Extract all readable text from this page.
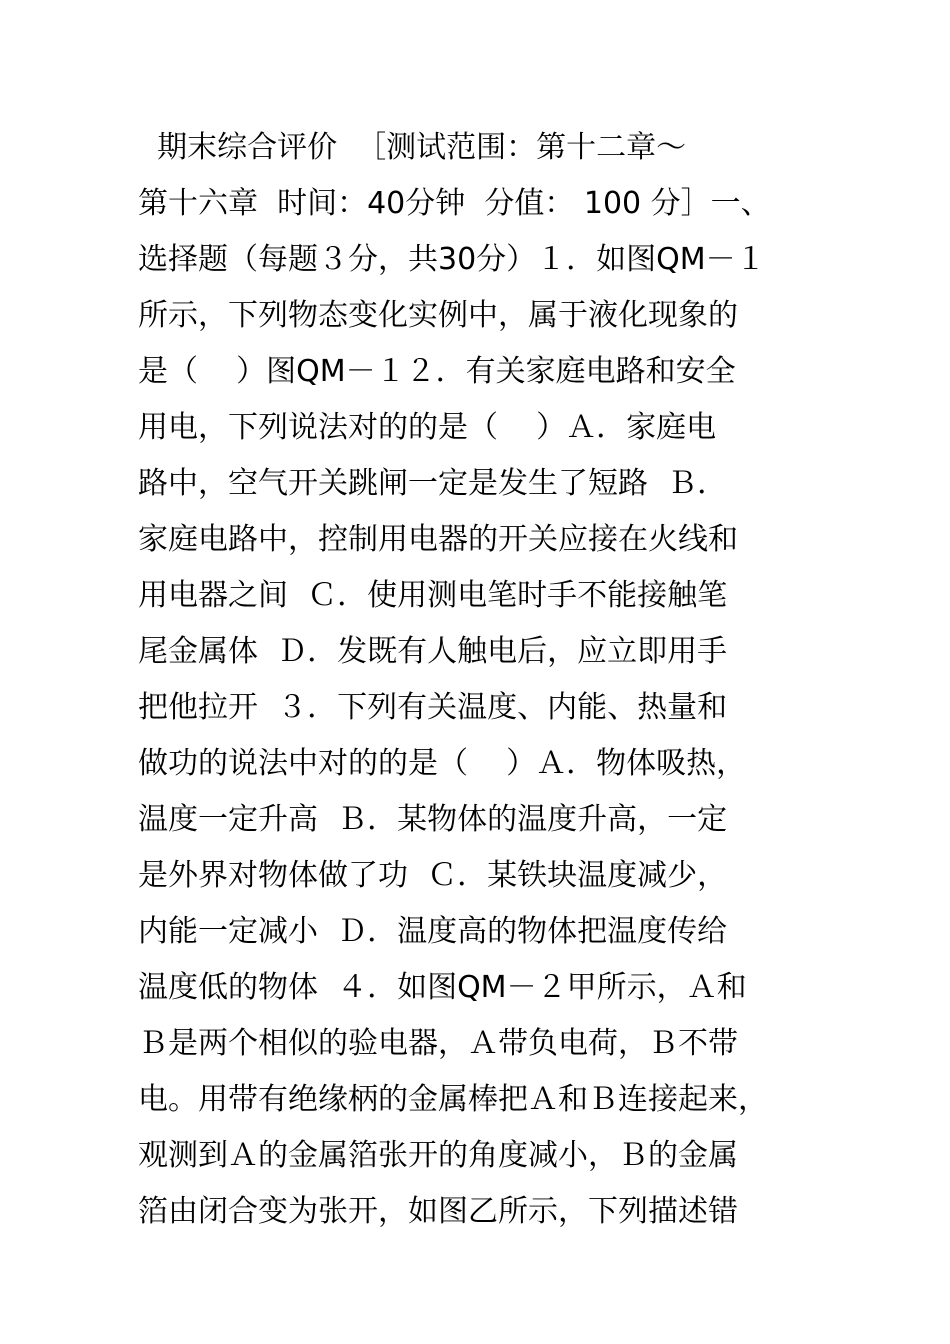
期末综合评价  ［测试范围：第十二章～
第十六章  时间：40分钟  分值： 100 分］一、
选择题（每题３分，共30分）１．如图QM－１
所示，下列物态变化实例中，属于液化现象的
是（    ）图QM－１２．有关家庭电路和安全
用电，下列说法对的的是（    ）Ａ．家庭电
路中，空气开关跳闸一定是发生了短路  Ｂ．
家庭电路中，控制用电器的开关应接在火线和
用电器之间  Ｃ．使用测电笔时手不能接触笔
尾金属体  Ｄ．发既有人触电后，应立即用手
把他拉开  ３．下列有关温度、内能、热量和
做功的说法中对的的是（    ）Ａ．物体吸热，
温度一定升高  Ｂ．某物体的温度升高，一定
是外界对物体做了功  Ｃ．某铁块温度减少，
内能一定减小  Ｄ．温度高的物体把温度传给
温度低的物体  ４．如图QM－２甲所示，Ａ和
Ｂ是两个相似的验电器，Ａ带负电荷，Ｂ不带
电。用带有绝缘柄的金属棒把Ａ和Ｂ连接起来，
观测到Ａ的金属箔张开的角度减小，Ｂ的金属
箔由闭合变为张开，如图乙所示，下列描述错
